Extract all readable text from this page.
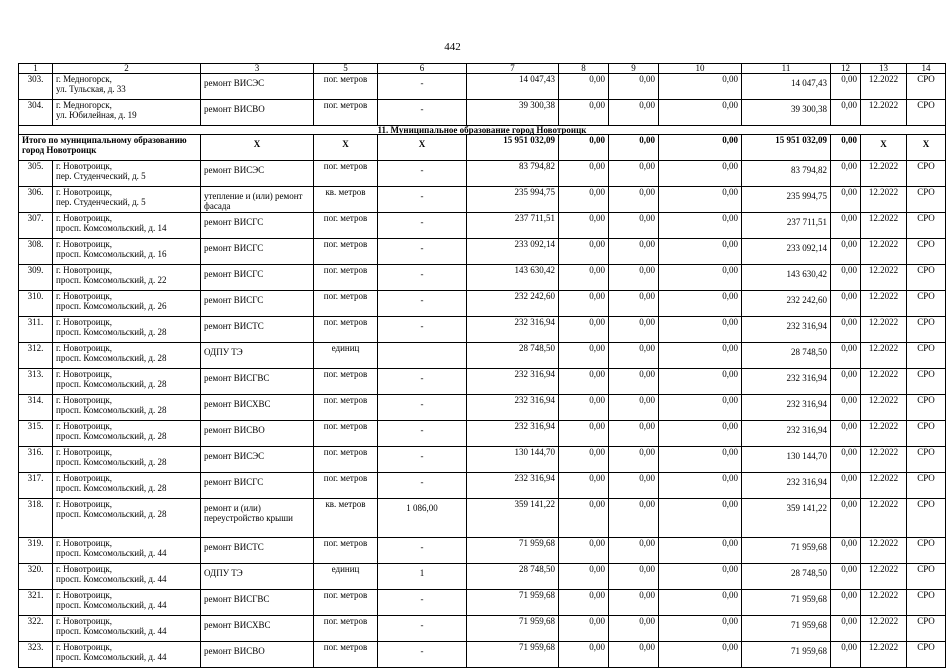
442
1	2	3	5	6	7	8	9	10	11	12	13	14
303.	г. Медногорск,
ул. Тульская, д. 33	ремонт ВИСЭС	пог. метров	-	14 047,43	0,00	0,00	0,00	14 047,43	0,00	12.2022	СРО
304.	г. Медногорск,
ул. Юбилейная, д. 19	ремонт ВИСВО	пог. метров	-	39 300,38	0,00	0,00	0,00	39 300,38	0,00	12.2022	СРО
11. Муниципальное образование город Новотроицк												
Итого по муниципальному образованию город Новотроицк		Х	Х	Х	15 951 032,09	0,00	0,00	0,00	15 951 032,09	0,00	Х	Х
305.	г. Новотроицк,
пер. Студенческий, д. 5	ремонт ВИСЭС	пог. метров	-	83 794,82	0,00	0,00	0,00	83 794,82	0,00	12.2022	СРО
306.	г. Новотроицк,
пер. Студенческий, д. 5	утепление и (или) ремонт фасада	кв. метров	-	235 994,75	0,00	0,00	0,00	235 994,75	0,00	12.2022	СРО
307.	г. Новотроицк,
просп. Комсомольский, д. 14	ремонт ВИСГС	пог. метров	-	237 711,51	0,00	0,00	0,00	237 711,51	0,00	12.2022	СРО
308.	г. Новотроицк,
просп. Комсомольский, д. 16	ремонт ВИСГС	пог. метров	-	233 092,14	0,00	0,00	0,00	233 092,14	0,00	12.2022	СРО
309.	г. Новотроицк,
просп. Комсомольский, д. 22	ремонт ВИСГС	пог. метров	-	143 630,42	0,00	0,00	0,00	143 630,42	0,00	12.2022	СРО
310.	г. Новотроицк,
просп. Комсомольский, д. 26	ремонт ВИСГС	пог. метров	-	232 242,60	0,00	0,00	0,00	232 242,60	0,00	12.2022	СРО
311.	г. Новотроицк,
просп. Комсомольский, д. 28	ремонт ВИСТС	пог. метров	-	232 316,94	0,00	0,00	0,00	232 316,94	0,00	12.2022	СРО
312.	г. Новотроицк,
просп. Комсомольский, д. 28	ОДПУ ТЭ	единиц		28 748,50	0,00	0,00	0,00	28 748,50	0,00	12.2022	СРО
313.	г. Новотроицк,
просп. Комсомольский, д. 28	ремонт ВИСГВС	пог. метров	-	232 316,94	0,00	0,00	0,00	232 316,94	0,00	12.2022	СРО
314.	г. Новотроицк,
просп. Комсомольский, д. 28	ремонт ВИСХВС	пог. метров	-	232 316,94	0,00	0,00	0,00	232 316,94	0,00	12.2022	СРО
315.	г. Новотроицк,
просп. Комсомольский, д. 28	ремонт ВИСВО	пог. метров	-	232 316,94	0,00	0,00	0,00	232 316,94	0,00	12.2022	СРО
316.	г. Новотроицк,
просп. Комсомольский, д. 28	ремонт ВИСЭС	пог. метров	-	130 144,70	0,00	0,00	0,00	130 144,70	0,00	12.2022	СРО
317.	г. Новотроицк,
просп. Комсомольский, д. 28	ремонт ВИСГС	пог. метров	-	232 316,94	0,00	0,00	0,00	232 316,94	0,00	12.2022	СРО
318.	г. Новотроицк,
просп. Комсомольский, д. 28	ремонт и (или) переустройство крыши	кв. метров	1 086,00	359 141,22	0,00	0,00	0,00	359 141,22	0,00	12.2022	СРО
319.	г. Новотроицк,
просп. Комсомольский, д. 44	ремонт ВИСТС	пог. метров	-	71 959,68	0,00	0,00	0,00	71 959,68	0,00	12.2022	СРО
320.	г. Новотроицк,
просп. Комсомольский, д. 44	ОДПУ ТЭ	единиц	1	28 748,50	0,00	0,00	0,00	28 748,50	0,00	12.2022	СРО
321.	г. Новотроицк,
просп. Комсомольский, д. 44	ремонт ВИСГВС	пог. метров	-	71 959,68	0,00	0,00	0,00	71 959,68	0,00	12.2022	СРО
322.	г. Новотроицк,
просп. Комсомольский, д. 44	ремонт ВИСХВС	пог. метров	-	71 959,68	0,00	0,00	0,00	71 959,68	0,00	12.2022	СРО
323.	г. Новотроицк,
просп. Комсомольский, д. 44	ремонт ВИСВО	пог. метров	-	71 959,68	0,00	0,00	0,00	71 959,68	0,00	12.2022	СРО
